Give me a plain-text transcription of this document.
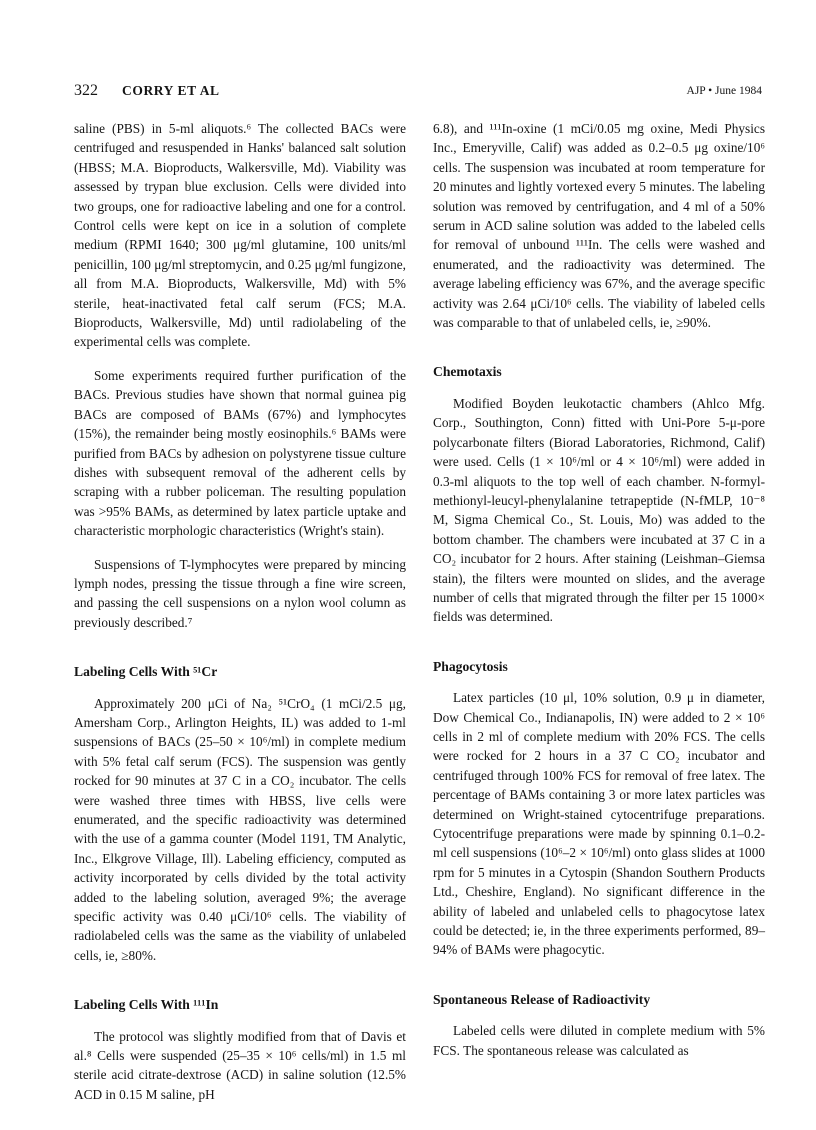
322 CORRY ET AL	AJP • June 1984

saline (PBS) in 5-ml aliquots.⁶ The collected BACs were centrifuged and resuspended in Hanks' balanced salt solution (HBSS; M.A. Bioproducts, Walkersville, Md). Viability was assessed by trypan blue exclusion. Cells were divided into two groups, one for radioactive labeling and one for a control. Control cells were kept on ice in a solution of complete medium (RPMI 1640; 300 μg/ml glutamine, 100 units/ml penicillin, 100 μg/ml streptomycin, and 0.25 μg/ml fungizone, all from M.A. Bioproducts, Walkersville, Md) with 5% sterile, heat-inactivated fetal calf serum (FCS; M.A. Bioproducts, Walkersville, Md) until radiolabeling of the experimental cells was complete.

Some experiments required further purification of the BACs. Previous studies have shown that normal guinea pig BACs are composed of BAMs (67%) and lymphocytes (15%), the remainder being mostly eosinophils.⁶ BAMs were purified from BACs by adhesion on polystyrene tissue culture dishes with subsequent removal of the adherent cells by scraping with a rubber policeman. The resulting population was >95% BAMs, as determined by latex particle uptake and characteristic morphologic characteristics (Wright's stain).

Suspensions of T-lymphocytes were prepared by mincing lymph nodes, pressing the tissue through a fine wire screen, and passing the cell suspensions on a nylon wool column as previously described.⁷

Labeling Cells With ⁵¹Cr

Approximately 200 μCi of Na₂ ⁵¹CrO₄ (1 mCi/2.5 μg, Amersham Corp., Arlington Heights, IL) was added to 1-ml suspensions of BACs (25–50 × 10⁶/ml) in complete medium with 5% fetal calf serum (FCS). The suspension was gently rocked for 90 minutes at 37 C in a CO₂ incubator. The cells were washed three times with HBSS, live cells were enumerated, and the specific radioactivity was determined with the use of a gamma counter (Model 1191, TM Analytic, Inc., Elkgrove Village, Ill). Labeling efficiency, computed as activity incorporated by cells divided by the total activity added to the labeling solution, averaged 9%; the average specific activity was 0.40 μCi/10⁶ cells. The viability of radiolabeled cells was the same as the viability of unlabeled cells, ie, ≥80%.

Labeling Cells With ¹¹¹In

The protocol was slightly modified from that of Davis et al.⁸ Cells were suspended (25–35 × 10⁶ cells/ml) in 1.5 ml sterile acid citrate-dextrose (ACD) in saline solution (12.5% ACD in 0.15 M saline, pH

6.8), and ¹¹¹In-oxine (1 mCi/0.05 mg oxine, Medi Physics Inc., Emeryville, Calif) was added as 0.2–0.5 μg oxine/10⁶ cells. The suspension was incubated at room temperature for 20 minutes and lightly vortexed every 5 minutes. The labeling solution was removed by centrifugation, and 4 ml of a 50% serum in ACD saline solution was added to the labeled cells for removal of unbound ¹¹¹In. The cells were washed and enumerated, and the radioactivity was determined. The average labeling efficiency was 67%, and the average specific activity was 2.64 μCi/10⁶ cells. The viability of labeled cells was comparable to that of unlabeled cells, ie, ≥90%.

Chemotaxis

Modified Boyden leukotactic chambers (Ahlco Mfg. Corp., Southington, Conn) fitted with Uni-Pore 5-μ-pore polycarbonate filters (Biorad Laboratories, Richmond, Calif) were used. Cells (1 × 10⁶/ml or 4 × 10⁶/ml) were added in 0.3-ml aliquots to the top well of each chamber. N-formyl-methionyl-leucyl-phenylalanine tetrapeptide (N-fMLP, 10⁻⁸ M, Sigma Chemical Co., St. Louis, Mo) was added to the bottom chamber. The chambers were incubated at 37 C in a CO₂ incubator for 2 hours. After staining (Leishman–Giemsa stain), the filters were mounted on slides, and the average number of cells that migrated through the filter per 15 1000× fields was determined.

Phagocytosis

Latex particles (10 μl, 10% solution, 0.9 μ in diameter, Dow Chemical Co., Indianapolis, IN) were added to 2 × 10⁶ cells in 2 ml of complete medium with 20% FCS. The cells were rocked for 2 hours in a 37 C CO₂ incubator and centrifuged through 100% FCS for removal of free latex. The percentage of BAMs containing 3 or more latex particles was determined on Wright-stained cytocentrifuge preparations. Cytocentrifuge preparations were made by spinning 0.1–0.2-ml cell suspensions (10⁶–2 × 10⁶/ml) onto glass slides at 1000 rpm for 5 minutes in a Cytospin (Shandon Southern Products Ltd., Cheshire, England). No significant difference in the ability of labeled and unlabeled cells to phagocytose latex could be detected; ie, in the three experiments performed, 89–94% of BAMs were phagocytic.

Spontaneous Release of Radioactivity

Labeled cells were diluted in complete medium with 5% FCS. The spontaneous release was calculated as
